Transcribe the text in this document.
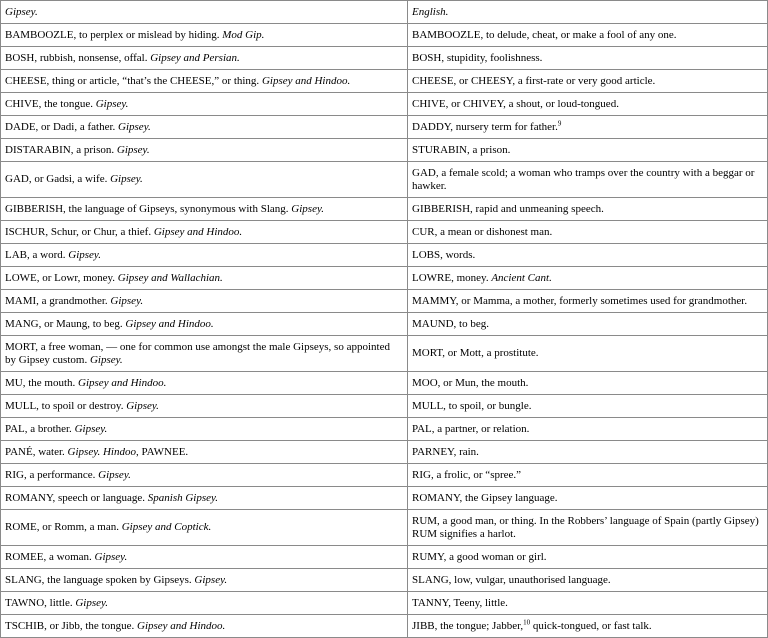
Gipsey.	English.
BAMBOOZLE, to perplex or mislead by hiding. Mod Gip.	BAMBOOZLE, to delude, cheat, or make a fool of any one.
BOSH, rubbish, nonsense, offal. Gipsey and Persian.	BOSH, stupidity, foolishness.
CHEESE, thing or article, “that’s the CHEESE,” or thing. Gipsey and Hindoo.	CHEESE, or CHEESY, a first-rate or very good article.
CHIVE, the tongue. Gipsey.	CHIVE, or CHIVEY, a shout, or loud-tongued.
DADE, or Dadi, a father. Gipsey.	DADDY, nursery term for father.$^9$
DISTARABIN, a prison. Gipsey.	STURABIN, a prison.
GAD, or Gadsi, a wife. Gipsey.	GAD, a female scold; a woman who tramps over the country with a beggar or hawker.
GIBBERISH, the language of Gipseys, synonymous with Slang. Gipsey.	GIBBERISH, rapid and unmeaning speech.
ISCHUR, Schur, or Chur, a thief. Gipsey and Hindoo.	CUR, a mean or dishonest man.
LAB, a word. Gipsey.	LOBS, words.
LOWE, or Lowr, money. Gipsey and Wallachian.	LOWRE, money. Ancient Cant.
MAMI, a grandmother. Gipsey.	MAMMY, or Mamma, a mother, formerly sometimes used for grandmother.
MANG, or Maung, to beg. Gipsey and Hindoo.	MAUND, to beg.
MORT, a free woman, — one for common use amongst the male Gipseys, so appointed by Gipsey custom. Gipsey.	MORT, or Mott, a prostitute.
MU, the mouth. Gipsey and Hindoo.	MOO, or Mun, the mouth.
MULL, to spoil or destroy. Gipsey.	MULL, to spoil, or bungle.
PAL, a brother. Gipsey.	PAL, a partner, or relation.
PANÉ, water. Gipsey. Hindoo, PAWNEE.	PARNEY, rain.
RIG, a performance. Gipsey.	RIG, a frolic, or “spree.”
ROMANY, speech or language. Spanish Gipsey.	ROMANY, the Gipsey language.
ROME, or Romm, a man. Gipsey and Coptick.	RUM, a good man, or thing. In the Robbers’ language of Spain (partly Gipsey) RUM signifies a harlot.
ROMEE, a woman. Gipsey.	RUMY, a good woman or girl.
SLANG, the language spoken by Gipseys. Gipsey.	SLANG, low, vulgar, unauthorised language.
TAWNO, little. Gipsey.	TANNY, Teeny, little.
TSCHIB, or Jibb, the tongue. Gipsey and Hindoo.	JIBB, the tongue; Jabber,$^{10}$ quick-tongued, or fast talk.
